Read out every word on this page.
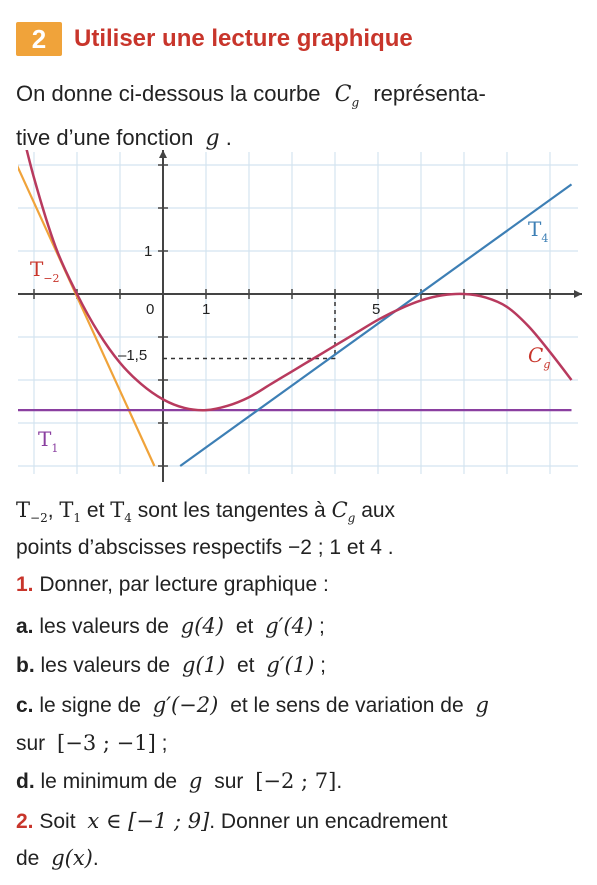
2	Utiliser une lecture graphique
On donne ci-dessous la courbe $C_g$ représenta-
tive d’une fonction g .
0	1	5
1
–1,5
$T_{-2}$
$T_4$
$T_1$
$C_g$
$T_{-2}$, $T_1$ et $T_4$ sont les tangentes à $C_g$ aux
points d’abscisses respectifs −2 ; 1 et 4 .
1. Donner, par lecture graphique :
a. les valeurs de g(4) et g′(4) ;
b. les valeurs de g(1) et g′(1) ;
c. le signe de g′(−2) et le sens de variation de g
sur [−3 ; −1] ;
d. le minimum de g sur [−2 ; 7].
2. Soit x ∈ [−1 ; 9]. Donner un encadrement
de g(x).
